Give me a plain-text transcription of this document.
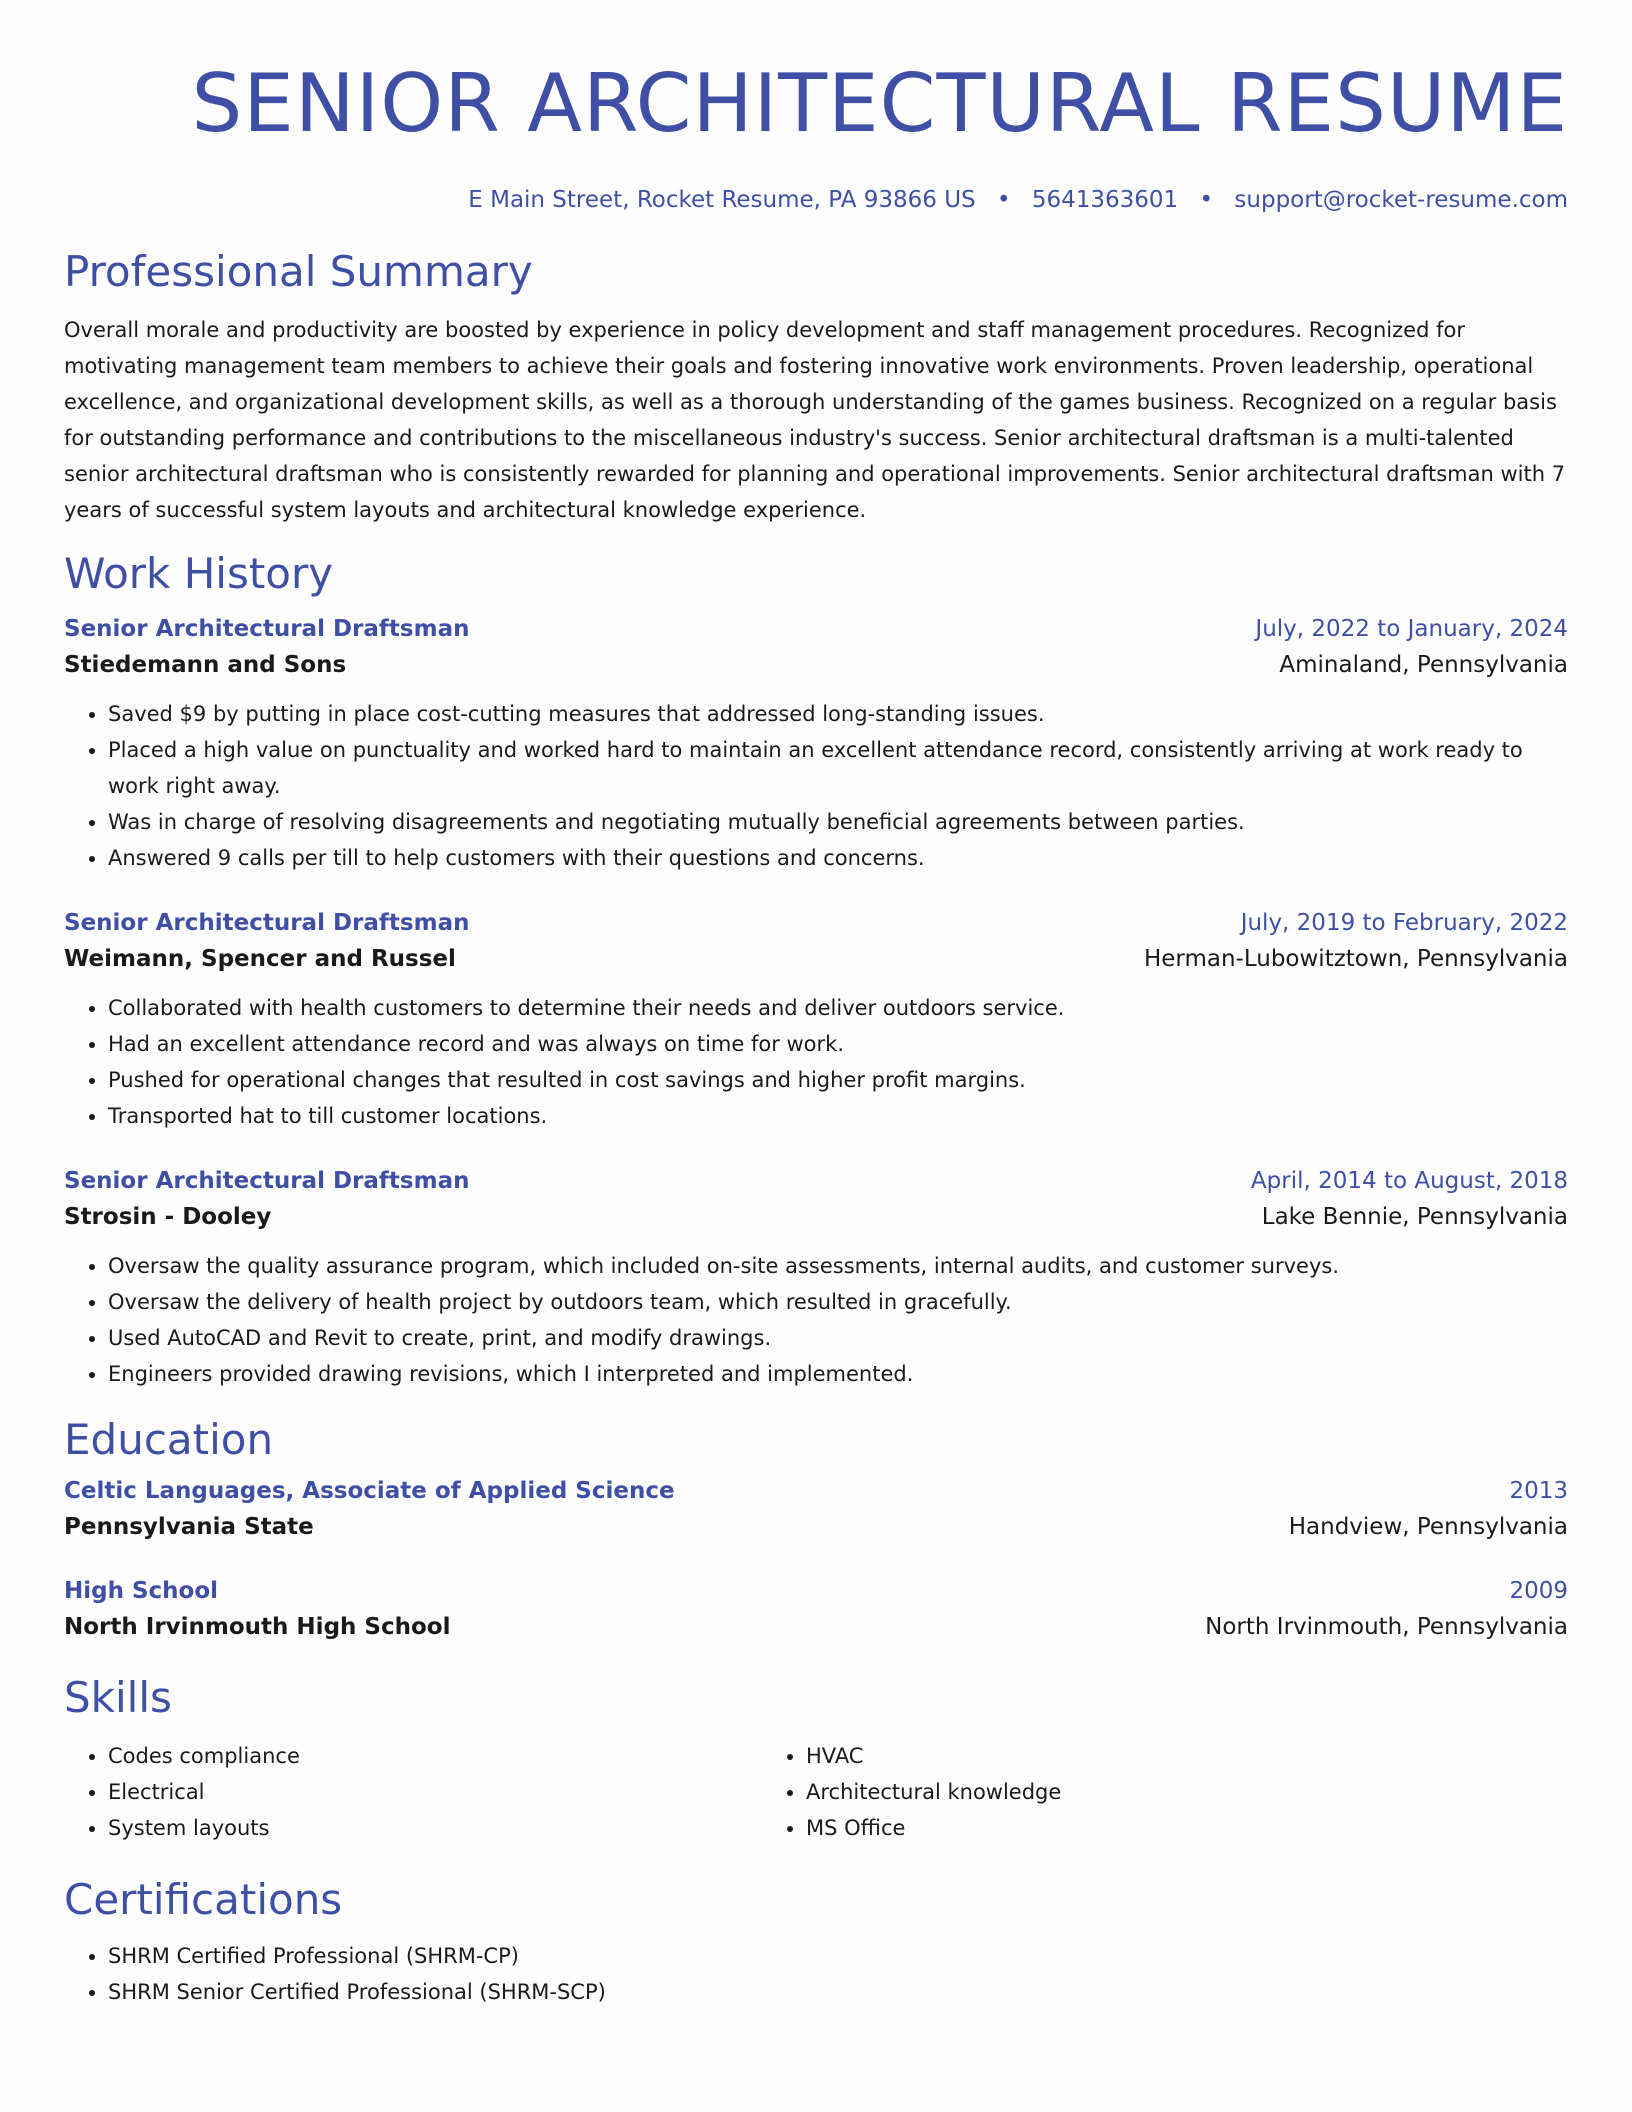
SENIOR ARCHITECTURAL RESUME
E Main Street, Rocket Resume, PA 93866 US • 5641363601 • support@rocket-resume.com
Professional Summary
Overall morale and productivity are boosted by experience in policy development and staff management procedures. Recognized for motivating management team members to achieve their goals and fostering innovative work environments. Proven leadership, operational excellence, and organizational development skills, as well as a thorough understanding of the games business. Recognized on a regular basis for outstanding performance and contributions to the miscellaneous industry's success. Senior architectural draftsman is a multi-talented senior architectural draftsman who is consistently rewarded for planning and operational improvements. Senior architectural draftsman with 7 years of successful system layouts and architectural knowledge experience.
Work History
Senior Architectural Draftsman	July, 2022 to January, 2024
Stiedemann and Sons	Aminaland, Pennsylvania
• Saved $9 by putting in place cost-cutting measures that addressed long-standing issues.
• Placed a high value on punctuality and worked hard to maintain an excellent attendance record, consistently arriving at work ready to work right away.
• Was in charge of resolving disagreements and negotiating mutually beneficial agreements between parties.
• Answered 9 calls per till to help customers with their questions and concerns.
Senior Architectural Draftsman	July, 2019 to February, 2022
Weimann, Spencer and Russel	Herman-Lubowitztown, Pennsylvania
• Collaborated with health customers to determine their needs and deliver outdoors service.
• Had an excellent attendance record and was always on time for work.
• Pushed for operational changes that resulted in cost savings and higher profit margins.
• Transported hat to till customer locations.
Senior Architectural Draftsman	April, 2014 to August, 2018
Strosin - Dooley	Lake Bennie, Pennsylvania
• Oversaw the quality assurance program, which included on-site assessments, internal audits, and customer surveys.
• Oversaw the delivery of health project by outdoors team, which resulted in gracefully.
• Used AutoCAD and Revit to create, print, and modify drawings.
• Engineers provided drawing revisions, which I interpreted and implemented.
Education
Celtic Languages, Associate of Applied Science	2013
Pennsylvania State	Handview, Pennsylvania
High School	2009
North Irvinmouth High School	North Irvinmouth, Pennsylvania
Skills
• Codes compliance
• Electrical
• System layouts
• HVAC
• Architectural knowledge
• MS Office
Certifications
• SHRM Certified Professional (SHRM-CP)
• SHRM Senior Certified Professional (SHRM-SCP)
